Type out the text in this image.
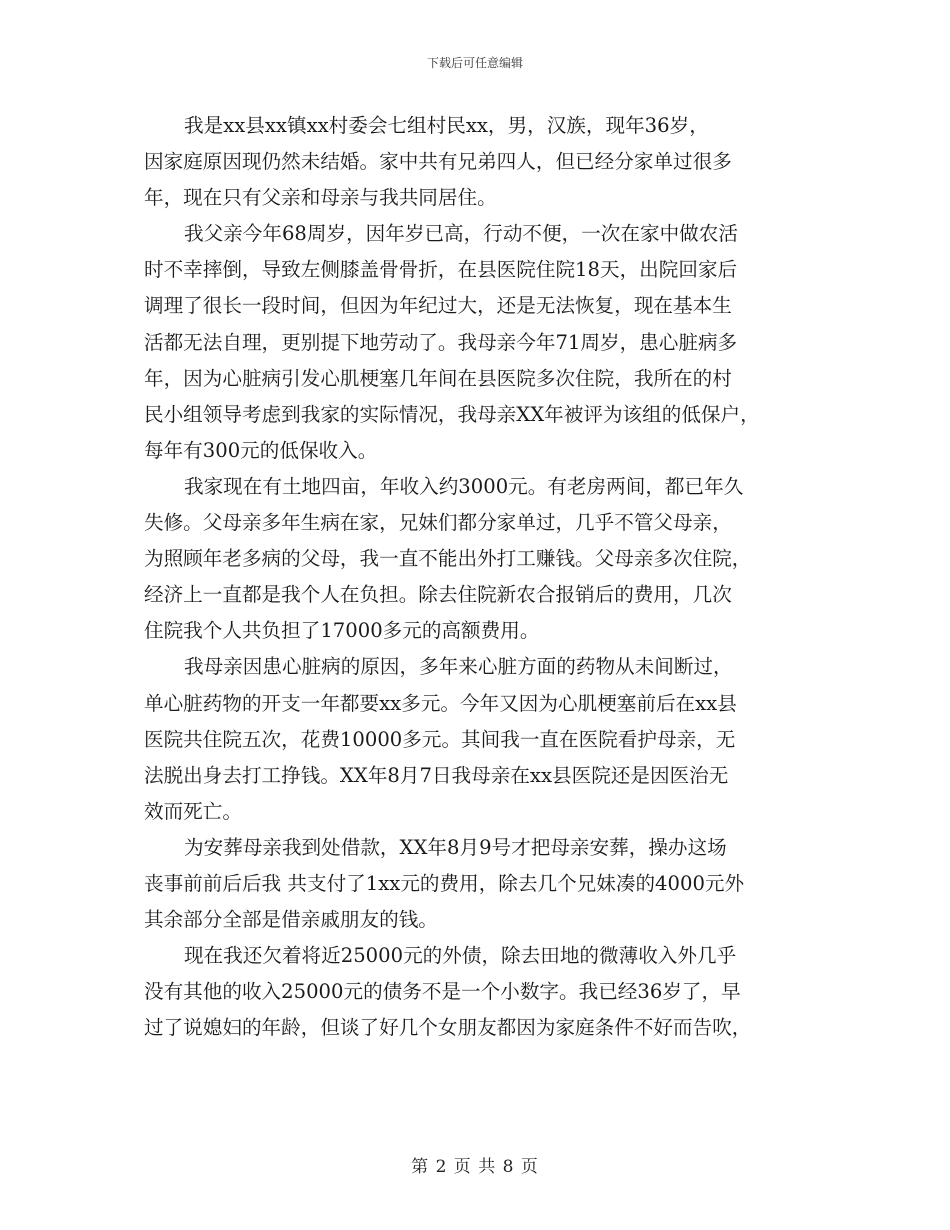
下载后可任意编辑
我是xx县xx镇xx村委会七组村民xx，男，汉族，现年36岁，
因家庭原因现仍然未结婚。家中共有兄弟四人，但已经分家单过很多
年，现在只有父亲和母亲与我共同居住。
我父亲今年68周岁，因年岁已高，行动不便，一次在家中做农活
时不幸摔倒，导致左侧膝盖骨骨折，在县医院住院18天，出院回家后
调理了很长一段时间，但因为年纪过大，还是无法恢复，现在基本生
活都无法自理，更别提下地劳动了。我母亲今年71周岁，患心脏病多
年，因为心脏病引发心肌梗塞几年间在县医院多次住院，我所在的村
民小组领导考虑到我家的实际情况，我母亲XX年被评为该组的低保户，
每年有300元的低保收入。
我家现在有土地四亩，年收入约3000元。有老房两间，都已年久
失修。父母亲多年生病在家，兄妹们都分家单过，几乎不管父母亲，
为照顾年老多病的父母，我一直不能出外打工赚钱。父母亲多次住院，
经济上一直都是我个人在负担。除去住院新农合报销后的费用，几次
住院我个人共负担了17000多元的高额费用。
我母亲因患心脏病的原因，多年来心脏方面的药物从未间断过，
单心脏药物的开支一年都要xx多元。今年又因为心肌梗塞前后在xx县
医院共住院五次，花费10000多元。其间我一直在医院看护母亲，无
法脱出身去打工挣钱。XX年8月7日我母亲在xx县医院还是因医治无
效而死亡。
为安葬母亲我到处借款，XX年8月9号才把母亲安葬，操办这场
丧事前前后后我 共支付了1xx元的费用，除去几个兄妹凑的4000元外
其余部分全部是借亲戚朋友的钱。
现在我还欠着将近25000元的外债，除去田地的微薄收入外几乎
没有其他的收入25000元的债务不是一个小数字。我已经36岁了，早
过了说媳妇的年龄，但谈了好几个女朋友都因为家庭条件不好而告吹，
第 2 页 共 8 页
